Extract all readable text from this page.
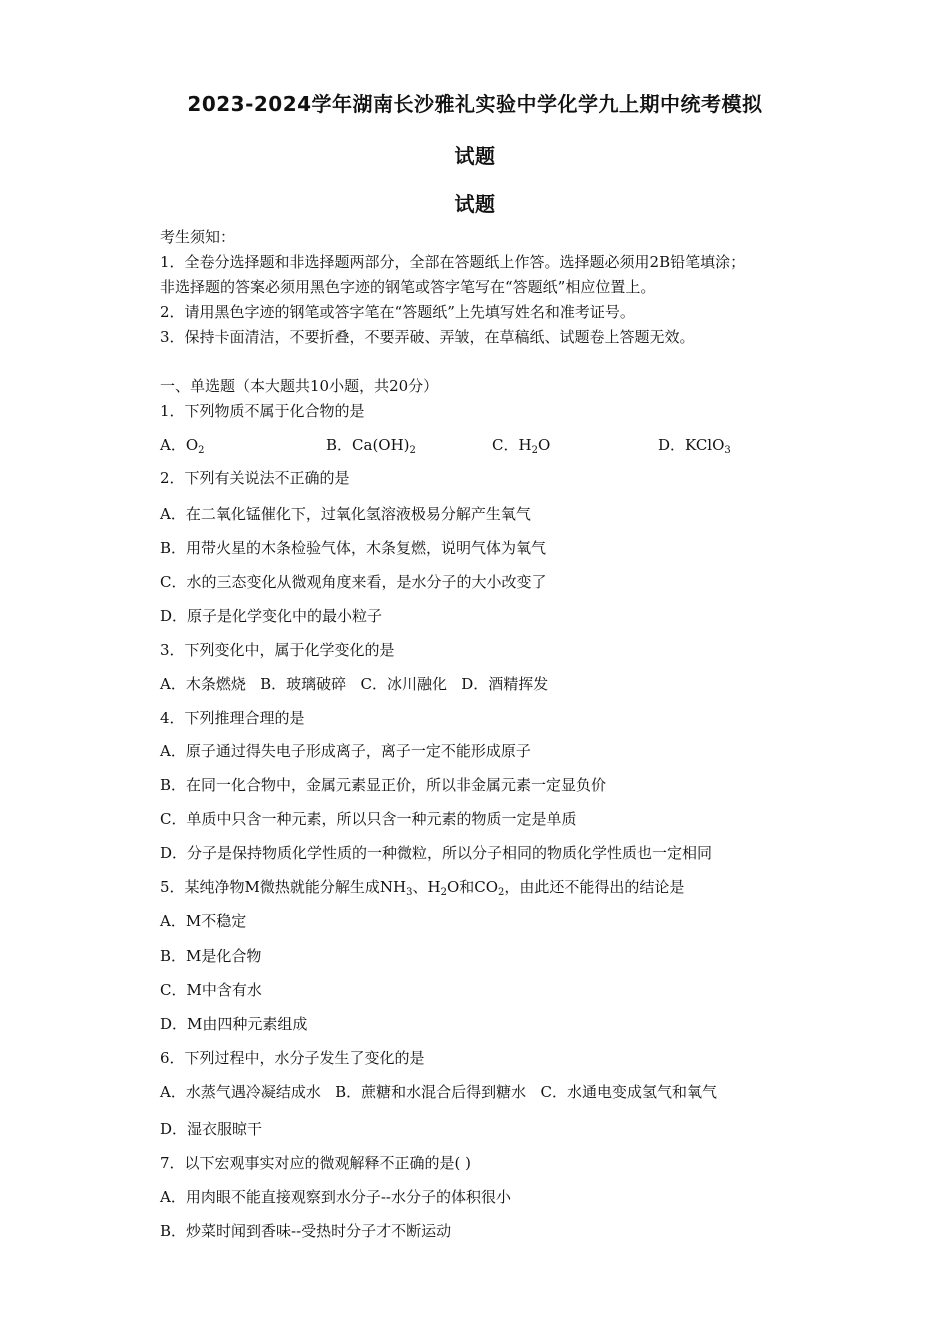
2023-2024学年湖南长沙雅礼实验中学化学九上期中统考模拟
试题
试题
考生须知：
1．全卷分选择题和非选择题两部分，全部在答题纸上作答。选择题必须用2B铅笔填涂；
非选择题的答案必须用黑色字迹的钢笔或答字笔写在“答题纸”相应位置上。
2．请用黑色字迹的钢笔或答字笔在“答题纸”上先填写姓名和准考证号。
3．保持卡面清洁，不要折叠，不要弄破、弄皱，在草稿纸、试题卷上答题无效。
一、单选题（本大题共10小题，共20分）
1．下列物质不属于化合物的是
A．$O_2$	B．$Ca(OH)_2$	C．$H_2O$	D．KClO$_3$
2．下列有关说法不正确的是
A．在二氧化锰催化下，过氧化氢溶液极易分解产生氧气
B．用带火星的木条检验气体，木条复燃，说明气体为氧气
C．水的三态变化从微观角度来看，是水分子的大小改变了
D．原子是化学变化中的最小粒子
3．下列变化中，属于化学变化的是
A．木条燃烧   B．玻璃破碎   C．冰川融化   D．酒精挥发
4．下列推理合理的是
A．原子通过得失电子形成离子，离子一定不能形成原子
B．在同一化合物中，金属元素显正价，所以非金属元素一定显负价
C．单质中只含一种元素，所以只含一种元素的物质一定是单质
D．分子是保持物质化学性质的一种微粒，所以分子相同的物质化学性质也一定相同
5．某纯净物M微热就能分解生成$NH_3$、$H_2O$和$CO_2$，由此还不能得出的结论是
A．M不稳定
B．M是化合物
C．M中含有水
D．M由四种元素组成
6．下列过程中，水分子发生了变化的是
A．水蒸气遇冷凝结成水   B．蔗糖和水混合后得到糖水   C．水通电变成氢气和氧气
D．湿衣服晾干
7．以下宏观事实对应的微观解释不正确的是( )
A．用肉眼不能直接观察到水分子--水分子的体积很小
B．炒菜时闻到香味--受热时分子才不断运动
